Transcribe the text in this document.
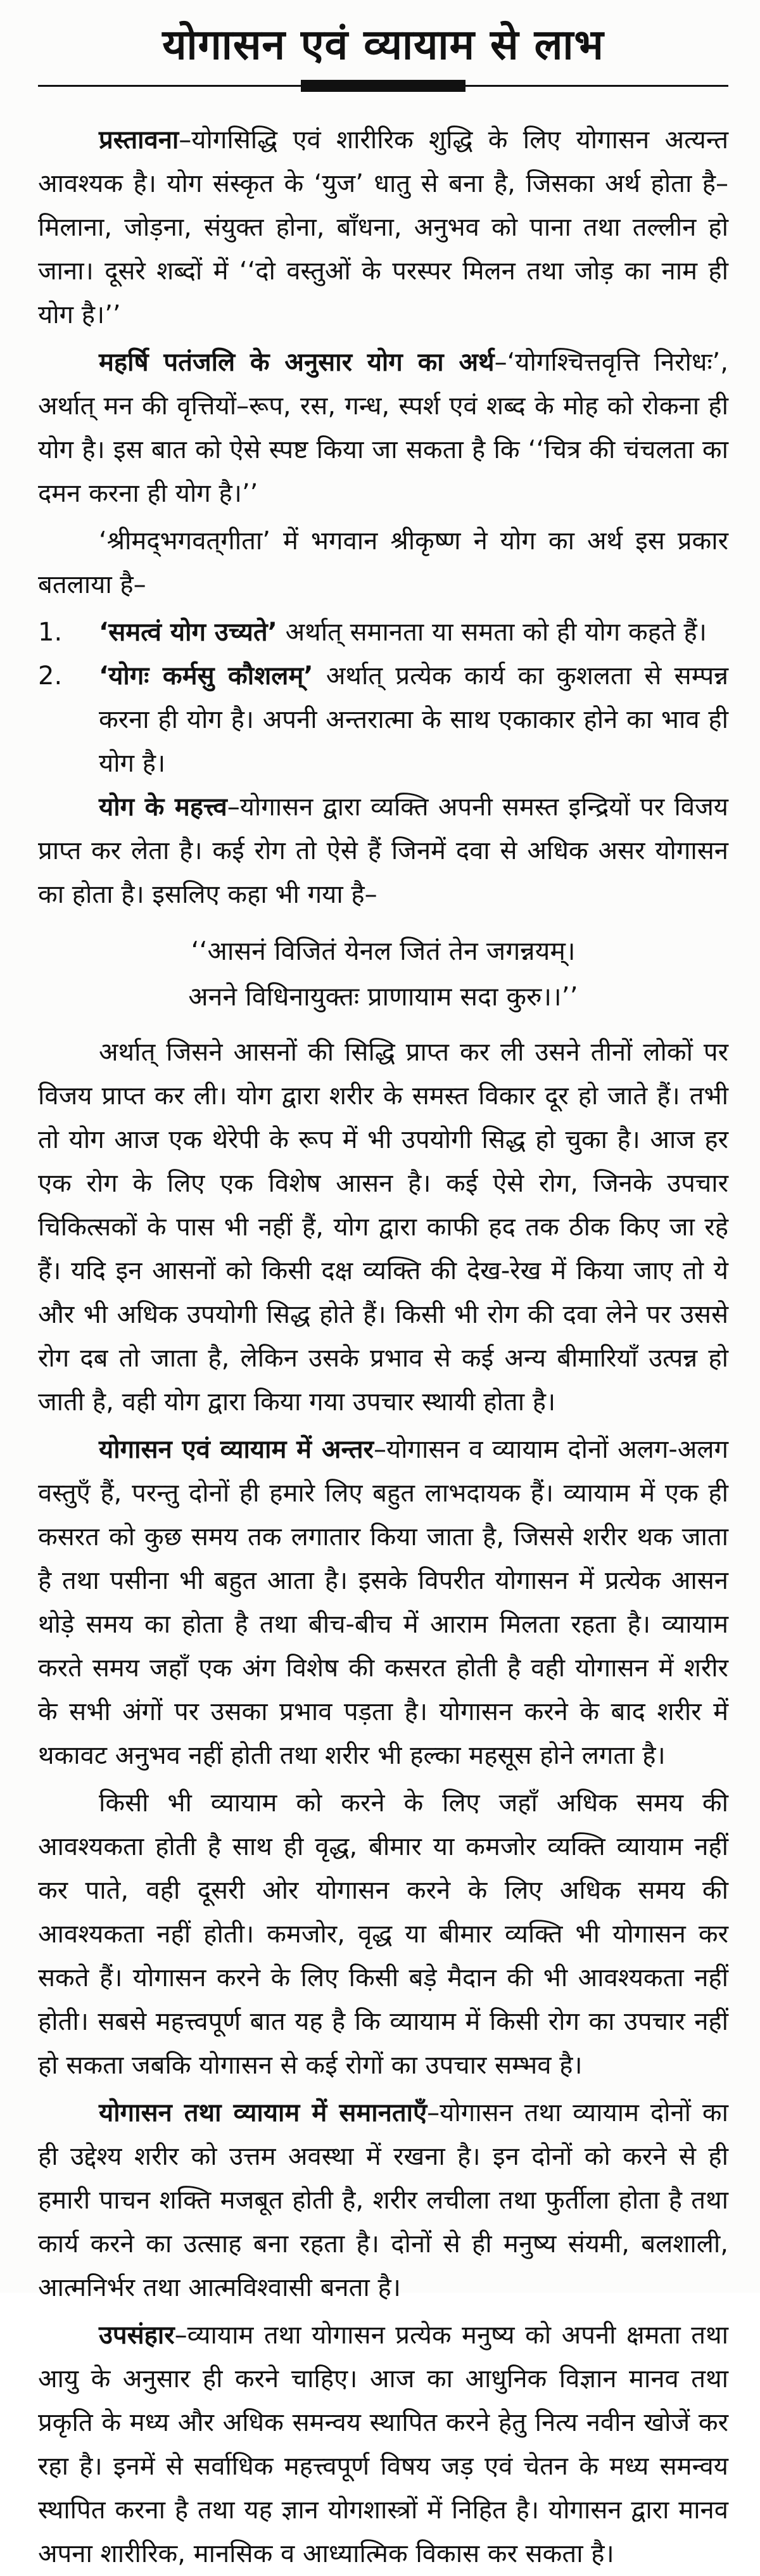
योगासन एवं व्यायाम से लाभ

प्रस्तावना–योगसिद्धि एवं शारीरिक शुद्धि के लिए योगासन अत्यन्त आवश्यक है। योग संस्कृत के ‘युज’ धातु से बना है, जिसका अर्थ होता है–मिलाना, जोड़ना, संयुक्त होना, बाँधना, अनुभव को पाना तथा तल्लीन हो जाना। दूसरे शब्दों में ‘‘दो वस्तुओं के परस्पर मिलन तथा जोड़ का नाम ही योग है।’’

महर्षि पतंजलि के अनुसार योग का अर्थ–‘योगश्चित्तवृत्ति निरोधः’, अर्थात् मन की वृत्तियों–रूप, रस, गन्ध, स्पर्श एवं शब्द के मोह को रोकना ही योग है। इस बात को ऐसे स्पष्ट किया जा सकता है कि ‘‘चित्र की चंचलता का दमन करना ही योग है।’’

‘श्रीमद्‌भगवत्‌गीता’ में भगवान श्रीकृष्ण ने योग का अर्थ इस प्रकार बतलाया है–

1.	‘समत्वं योग उच्यते’ अर्थात् समानता या समता को ही योग कहते हैं।
2.	‘योगः कर्मसु कौशलम्’ अर्थात् प्रत्येक कार्य का कुशलता से सम्पन्न करना ही योग है। अपनी अन्तरात्मा के साथ एकाकार होने का भाव ही योग है।

योग के महत्त्व–योगासन द्वारा व्यक्ति अपनी समस्त इन्द्रियों पर विजय प्राप्त कर लेता है। कई रोग तो ऐसे हैं जिनमें दवा से अधिक असर योगासन का होता है। इसलिए कहा भी गया है–

‘‘आसनं विजितं येनल जितं तेन जगन्नयम्।
अनने विधिनायुक्तः प्राणायाम सदा कुरु।।’’

अर्थात् जिसने आसनों की सिद्धि प्राप्त कर ली उसने तीनों लोकों पर विजय प्राप्त कर ली। योग द्वारा शरीर के समस्त विकार दूर हो जाते हैं। तभी तो योग आज एक थेरेपी के रूप में भी उपयोगी सिद्ध हो चुका है। आज हर एक रोग के लिए एक विशेष आसन है। कई ऐसे रोग, जिनके उपचार चिकित्सकों के पास भी नहीं हैं, योग द्वारा काफी हद तक ठीक किए जा रहे हैं। यदि इन आसनों को किसी दक्ष व्यक्ति की देख-रेख में किया जाए तो ये और भी अधिक उपयोगी सिद्ध होते हैं। किसी भी रोग की दवा लेने पर उससे रोग दब तो जाता है, लेकिन उसके प्रभाव से कई अन्य बीमारियाँ उत्पन्न हो जाती है, वही योग द्वारा किया गया उपचार स्थायी होता है।

योगासन एवं व्यायाम में अन्तर–योगासन व व्यायाम दोनों अलग-अलग वस्तुएँ हैं, परन्तु दोनों ही हमारे लिए बहुत लाभदायक हैं। व्यायाम में एक ही कसरत को कुछ समय तक लगातार किया जाता है, जिससे शरीर थक जाता है तथा पसीना भी बहुत आता है। इसके विपरीत योगासन में प्रत्येक आसन थोड़े समय का होता है तथा बीच-बीच में आराम मिलता रहता है। व्यायाम करते समय जहाँ एक अंग विशेष की कसरत होती है वही योगासन में शरीर के सभी अंगों पर उसका प्रभाव पड़ता है। योगासन करने के बाद शरीर में थकावट अनुभव नहीं होती तथा शरीर भी हल्का महसूस होने लगता है।

किसी भी व्यायाम को करने के लिए जहाँ अधिक समय की आवश्यकता होती है साथ ही वृद्ध, बीमार या कमजोर व्यक्ति व्यायाम नहीं कर पाते, वही दूसरी ओर योगासन करने के लिए अधिक समय की आवश्यकता नहीं होती। कमजोर, वृद्ध या बीमार व्यक्ति भी योगासन कर सकते हैं। योगासन करने के लिए किसी बड़े मैदान की भी आवश्यकता नहीं होती। सबसे महत्त्वपूर्ण बात यह है कि व्यायाम में किसी रोग का उपचार नहीं हो सकता जबकि योगासन से कई रोगों का उपचार सम्भव है।

योगासन तथा व्यायाम में समानताएँ–योगासन तथा व्यायाम दोनों का ही उद्देश्य शरीर को उत्तम अवस्था में रखना है। इन दोनों को करने से ही हमारी पाचन शक्ति मजबूत होती है, शरीर लचीला तथा फुर्तीला होता है तथा कार्य करने का उत्साह बना रहता है। दोनों से ही मनुष्य संयमी, बलशाली, आत्मनिर्भर तथा आत्मविश्वासी बनता है।

उपसंहार–व्यायाम तथा योगासन प्रत्येक मनुष्य को अपनी क्षमता तथा आयु के अनुसार ही करने चाहिए। आज का आधुनिक विज्ञान मानव तथा प्रकृति के मध्य और अधिक समन्वय स्थापित करने हेतु नित्य नवीन खोजें कर रहा है। इनमें से सर्वाधिक महत्त्वपूर्ण विषय जड़ एवं चेतन के मध्य समन्वय स्थापित करना है तथा यह ज्ञान योगशास्त्रों में निहित है। योगासन द्वारा मानव अपना शारीरिक, मानसिक व आध्यात्मिक विकास कर सकता है।
